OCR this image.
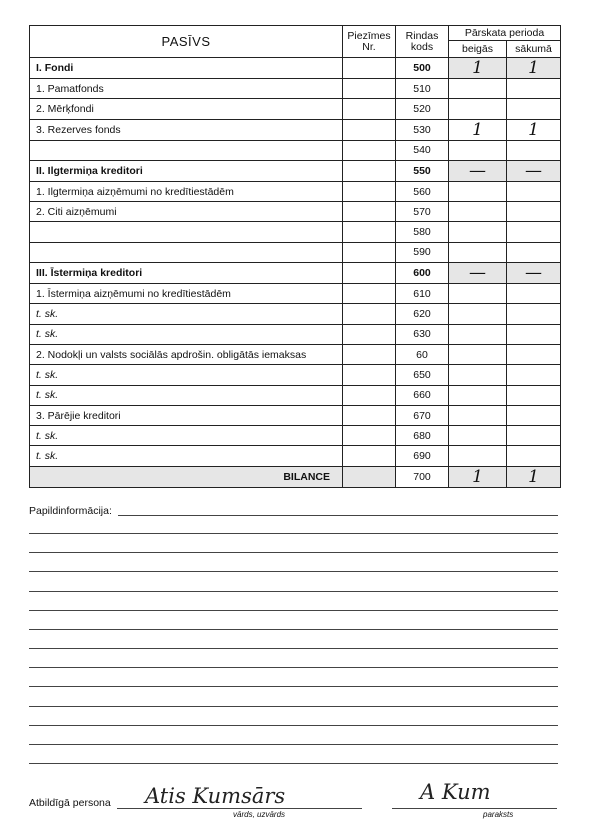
PASĪVS	Piezīmes Nr.	Rindas kods	Pārskata perioda	
			beigās	sākumā
I. Fondi		500	1	1
1. Pamatfonds		510		
2. Mērķfondi		520		
3. Rezerves fonds		530	1	1
		540		
II. Ilgtermiņa kreditori		550	—	—
1. Ilgtermiņa aizņēmumi no kredītiestādēm		560		
2. Citi aizņēmumi		570		
		580		
		590		
III. Īstermiņa kreditori		600	—	—
1. Īstermiņa aizņēmumi no kredītiestādēm		610		
t. sk.		620		
t. sk.		630		
2. Nodokļi un valsts sociālās apdrošin. obligātās iemaksas		60		
t. sk.		650		
t. sk.		660		
3. Pārējie kreditori		670		
t. sk.		680		
t. sk.		690		
BILANCE		700	1	1
Papildinformācija:
Atbildīgā persona Atis Kumsārs	A Kum
vārds, uzvārds	paraksts
